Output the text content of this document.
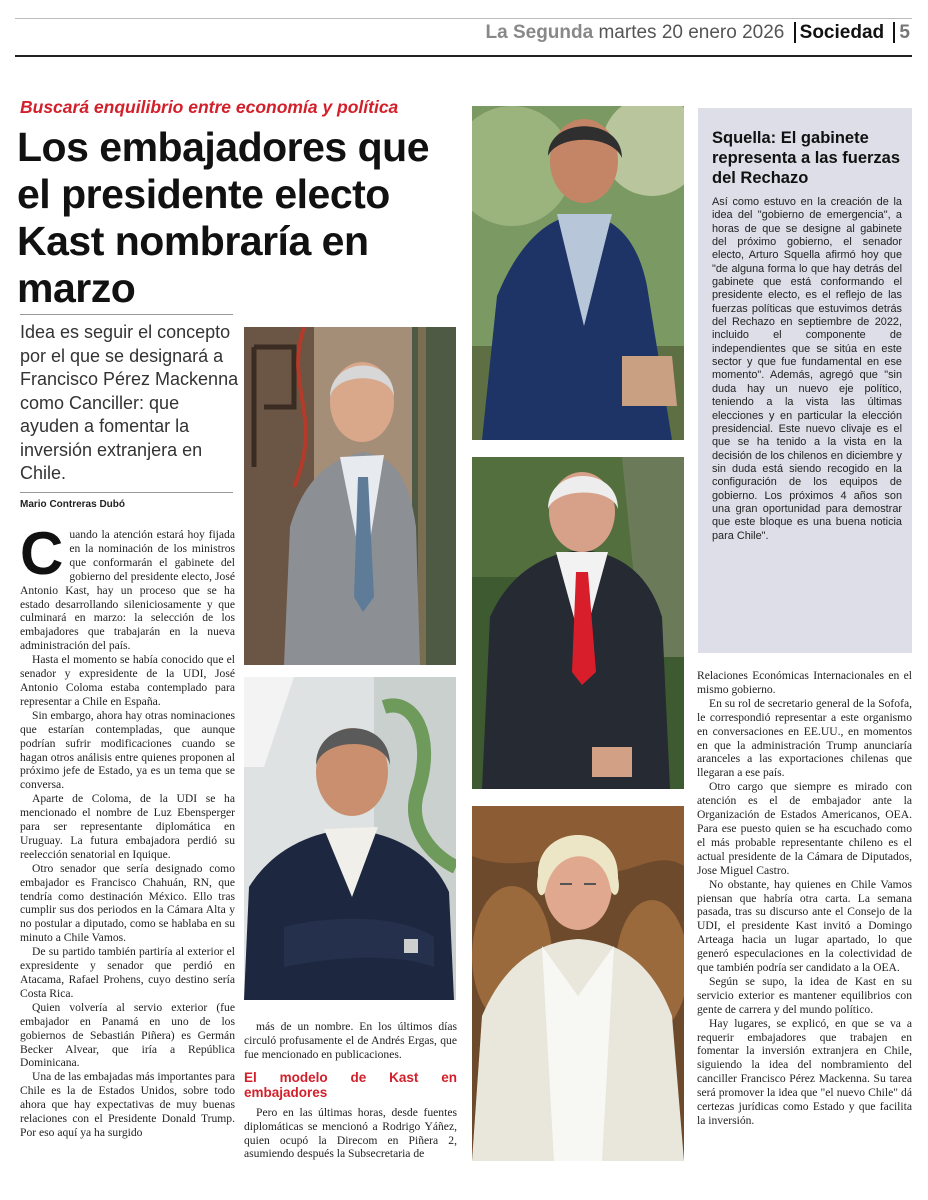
La Segunda martes 20 enero 2026 Sociedad 5
Buscará enquilibrio entre economía y política
Los embajadores que el presidente electo Kast nombraría en marzo
Idea es seguir el concepto por el que se designará a Francisco Pérez Mackenna como Canciller: que ayuden a fomentar la inversión extranjera en Chile.
Mario Contreras Dubó

Cuando la atención estará hoy fijada en la nominación de los ministros que conformarán el gabinete del gobierno del presidente electo, José Antonio Kast, hay un proceso que se ha estado desarrollando sileniciosamente y que culminará en marzo: la selección de los embajadores que trabajarán en la nueva administración del país.

Hasta el momento se había conocido que el senador y expresidente de la UDI, José Antonio Coloma estaba contemplado para representar a Chile en España.

Sin embargo, ahora hay otras nominaciones que estarían contempladas, que aunque podrían sufrir modificaciones cuando se hagan otros análisis entre quienes proponen al próximo jefe de Estado, ya es un tema que se conversa.

Aparte de Coloma, de la UDI se ha mencionado el nombre de Luz Ebensperger para ser representante diplomática en Uruguay. La futura embajadora perdió su reelección senatorial en Iquique.

Otro senador que sería designado como embajador es Francisco Chahuán, RN, que tendría como destinación México. Ello tras cumplir sus dos periodos en la Cámara Alta y no postular a diputado, como se hablaba en su minuto a Chile Vamos.

De su partido también partiría al exterior el expresidente y senador que perdió en Atacama, Rafael Prohens, cuyo destino sería Costa Rica.

Quien volvería al servio exterior (fue embajador en Panamá en uno de los gobiernos de Sebastián Piñera) es Germán Becker Alvear, que iría a República Dominicana.

Una de las embajadas más importantes para Chile es la de Estados Unidos, sobre todo ahora que hay expectativas de muy buenas relaciones con el Presidente Donald Trump. Por eso aquí ya ha surgido

más de un nombre. En los últimos días circuló profusamente el de Andrés Ergas, que fue mencionado en publicaciones.

El modelo de Kast en embajadores

Pero en las últimas horas, desde fuentes diplomáticas se mencionó a Rodrigo Yáñez, quien ocupó la Direcom en Piñera 2, asumiendo después la Subsecretaria de

Squella: El gabinete representa a las fuerzas del Rechazo
Así como estuvo en la creación de la idea del "gobierno de emergencia", a horas de que se designe al gabinete del próximo gobierno, el senador electo, Arturo Squella afirmó hoy que "de alguna forma lo que hay detrás del gabinete que está conformando el presidente electo, es el reflejo de las fuerzas políticas que estuvimos detrás del Rechazo en septiembre de 2022, incluido el componente de independientes que se sitúa en este sector y que fue fundamental en ese momento". Además, agregó que "sin duda hay un nuevo eje político, teniendo a la vista las últimas elecciones y en particular la elección presidencial. Este nuevo clivaje es el que se ha tenido a la vista en la decisión de los chilenos en diciembre y sin duda está siendo recogido en la configuración de los equipos de gobierno. Los próximos 4 años son una gran oportunidad para demostrar que este bloque es una buena noticia para Chile".

Relaciones Económicas Internacionales en el mismo gobierno.

En su rol de secretario general de la Sofofa, le correspondió representar a este organismo en conversaciones en EE.UU., en momentos en que la administración Trump anunciaría aranceles a las exportaciones chilenas que llegaran a ese país.

Otro cargo que siempre es mirado con atención es el de embajador ante la Organización de Estados Americanos, OEA. Para ese puesto quien se ha escuchado como el más probable representante chileno es el actual presidente de la Cámara de Diputados, Jose Miguel Castro.

No obstante, hay quienes en Chile Vamos piensan que habría otra carta. La semana pasada, tras su discurso ante el Consejo de la UDI, el presidente Kast invitó a Domingo Arteaga hacia un lugar apartado, lo que generó especulaciones en la colectividad de que también podría ser candidato a la OEA.

Según se supo, la idea de Kast en su servicio exterior es mantener equilibrios con gente de carrera y del mundo político.

Hay lugares, se explicó, en que se va a requerir embajadores que trabajen en fomentar la inversión extranjera en Chile, siguiendo la idea del nombramiento del canciller Francisco Pérez Mackenna. Su tarea será promover la idea que "el nuevo Chile" dá certezas jurídicas como Estado y que facilita la inversión.
